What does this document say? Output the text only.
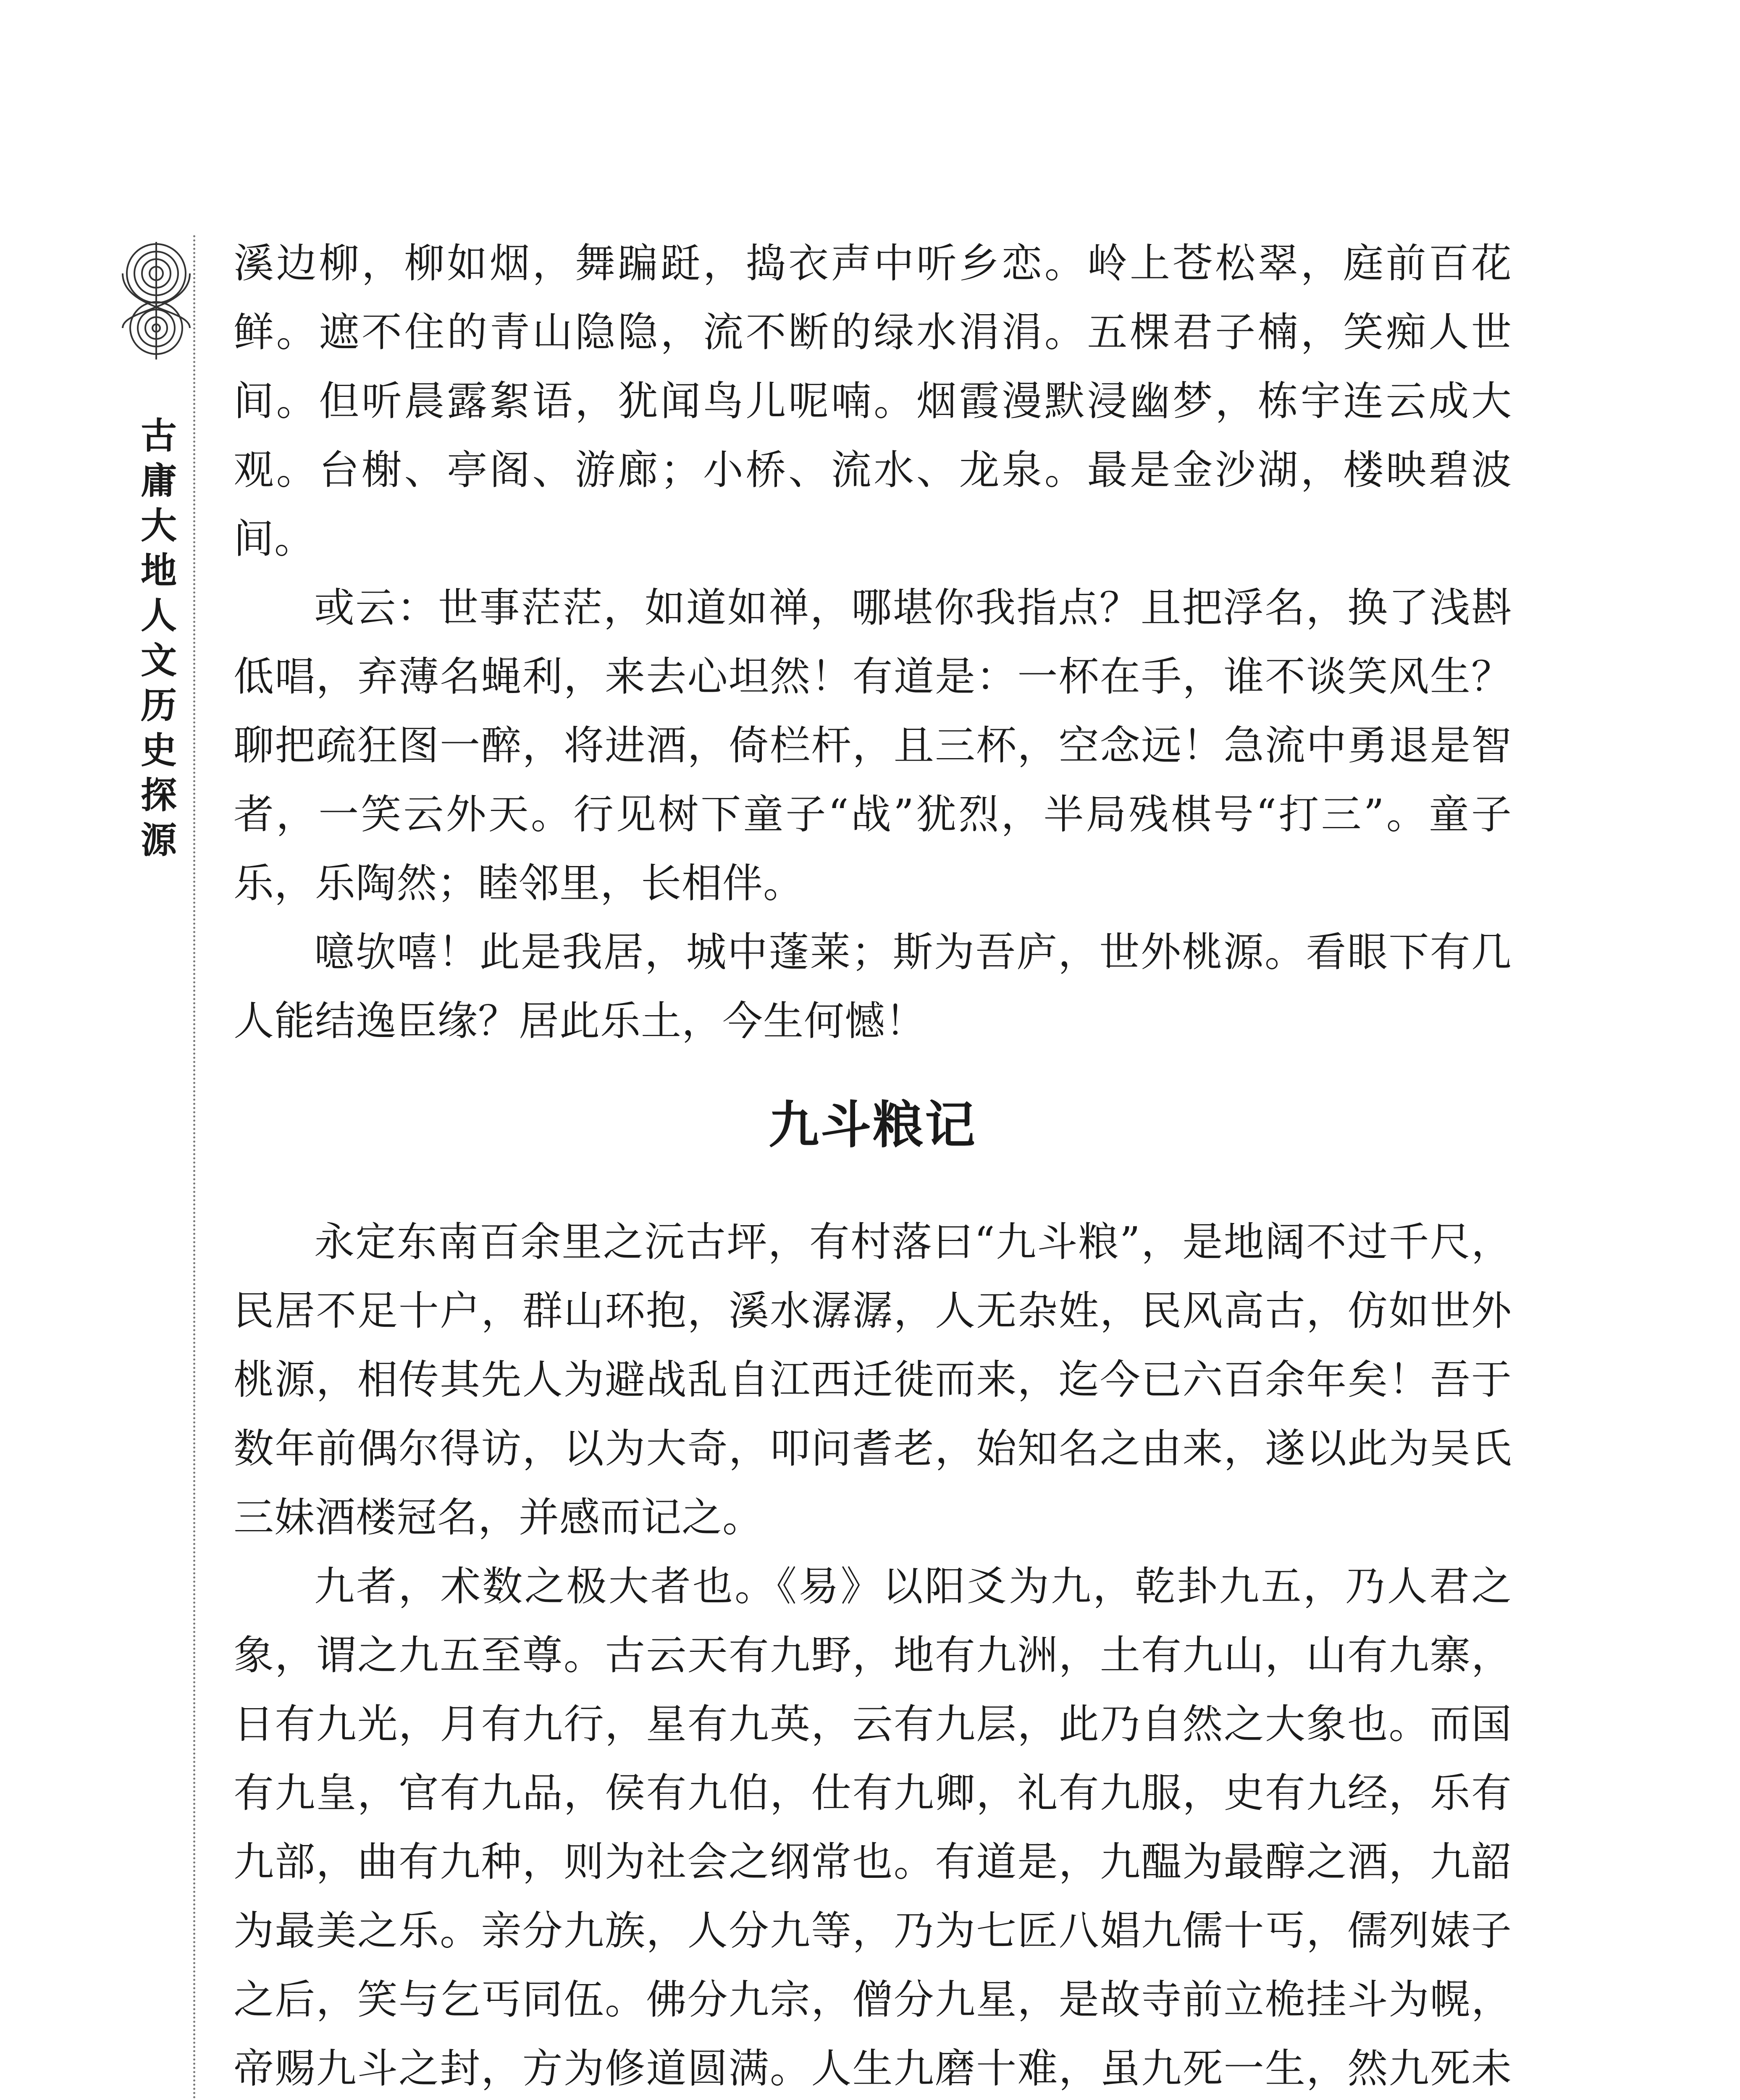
古庸大地人文历史探源

溪边柳，柳如烟，舞蹁跹，捣衣声中听乡恋。岭上苍松翠，庭前百花鲜。遮不住的青山隐隐，流不断的绿水涓涓。五棵君子楠，笑痴人世间。但听晨露絮语，犹闻鸟儿呢喃。烟霞漫默浸幽梦，栋宇连云成大观。台榭、亭阁、游廊；小桥、流水、龙泉。最是金沙湖，楼映碧波间。

或云：世事茫茫，如道如禅，哪堪你我指点？且把浮名，换了浅斟低唱，弃薄名蝇利，来去心坦然！有道是：一杯在手，谁不谈笑风生？聊把疏狂图一醉，将进酒，倚栏杆，且三杯，空念远！急流中勇退是智者，一笑云外天。行见树下童子“战”犹烈，半局残棋号“打三”。童子乐，乐陶然；睦邻里，长相伴。

噫欤嘻！此是我居，城中蓬莱；斯为吾庐，世外桃源。看眼下有几人能结逸臣缘？居此乐土，今生何憾！

九斗粮记

永定东南百余里之沅古坪，有村落曰“九斗粮”，是地阔不过千尺，民居不足十户，群山环抱，溪水潺潺，人无杂姓，民风高古，仿如世外桃源，相传其先人为避战乱自江西迁徙而来，迄今已六百余年矣！吾于数年前偶尔得访，以为大奇，叩问耆老，始知名之由来，遂以此为吴氏三妹酒楼冠名，并感而记之。

九者，术数之极大者也。《易》以阳爻为九，乾卦九五，乃人君之象，谓之九五至尊。古云天有九野，地有九洲，土有九山，山有九寨，日有九光，月有九行，星有九英，云有九层，此乃自然之大象也。而国有九皇，官有九品，侯有九伯，仕有九卿，礼有九服，史有九经，乐有九部，曲有九种，则为社会之纲常也。有道是，九醖为最醇之酒，九韶为最美之乐。亲分九族，人分九等，乃为七匠八娼九儒十丐，儒列婊子之后，笑与乞丐同伍。佛分九宗，僧分九星，是故寺前立桅挂斗为幌，帝赐九斗之封，方为修道圆满。人生九磨十难，虽九死一生，然九死未
